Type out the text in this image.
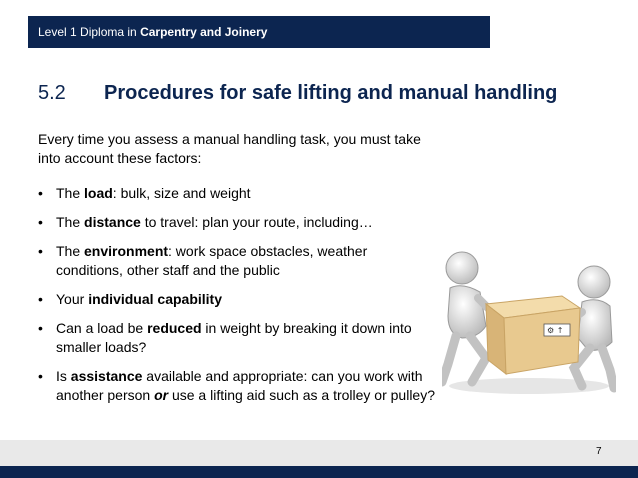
Level 1 Diploma in Carpentry and Joinery
5.2 Procedures for safe lifting and manual handling
Every time you assess a manual handling task, you must take into account these factors:
• The load: bulk, size and weight
• The distance to travel: plan your route, including…
• The environment: work space obstacles, weather conditions, other staff and the public
• Your individual capability
• Can a load be reduced in weight by breaking it down into smaller loads?
• Is assistance available and appropriate: can you work with another person or use a lifting aid such as a trolley or pulley?
⚙ ↑
7
